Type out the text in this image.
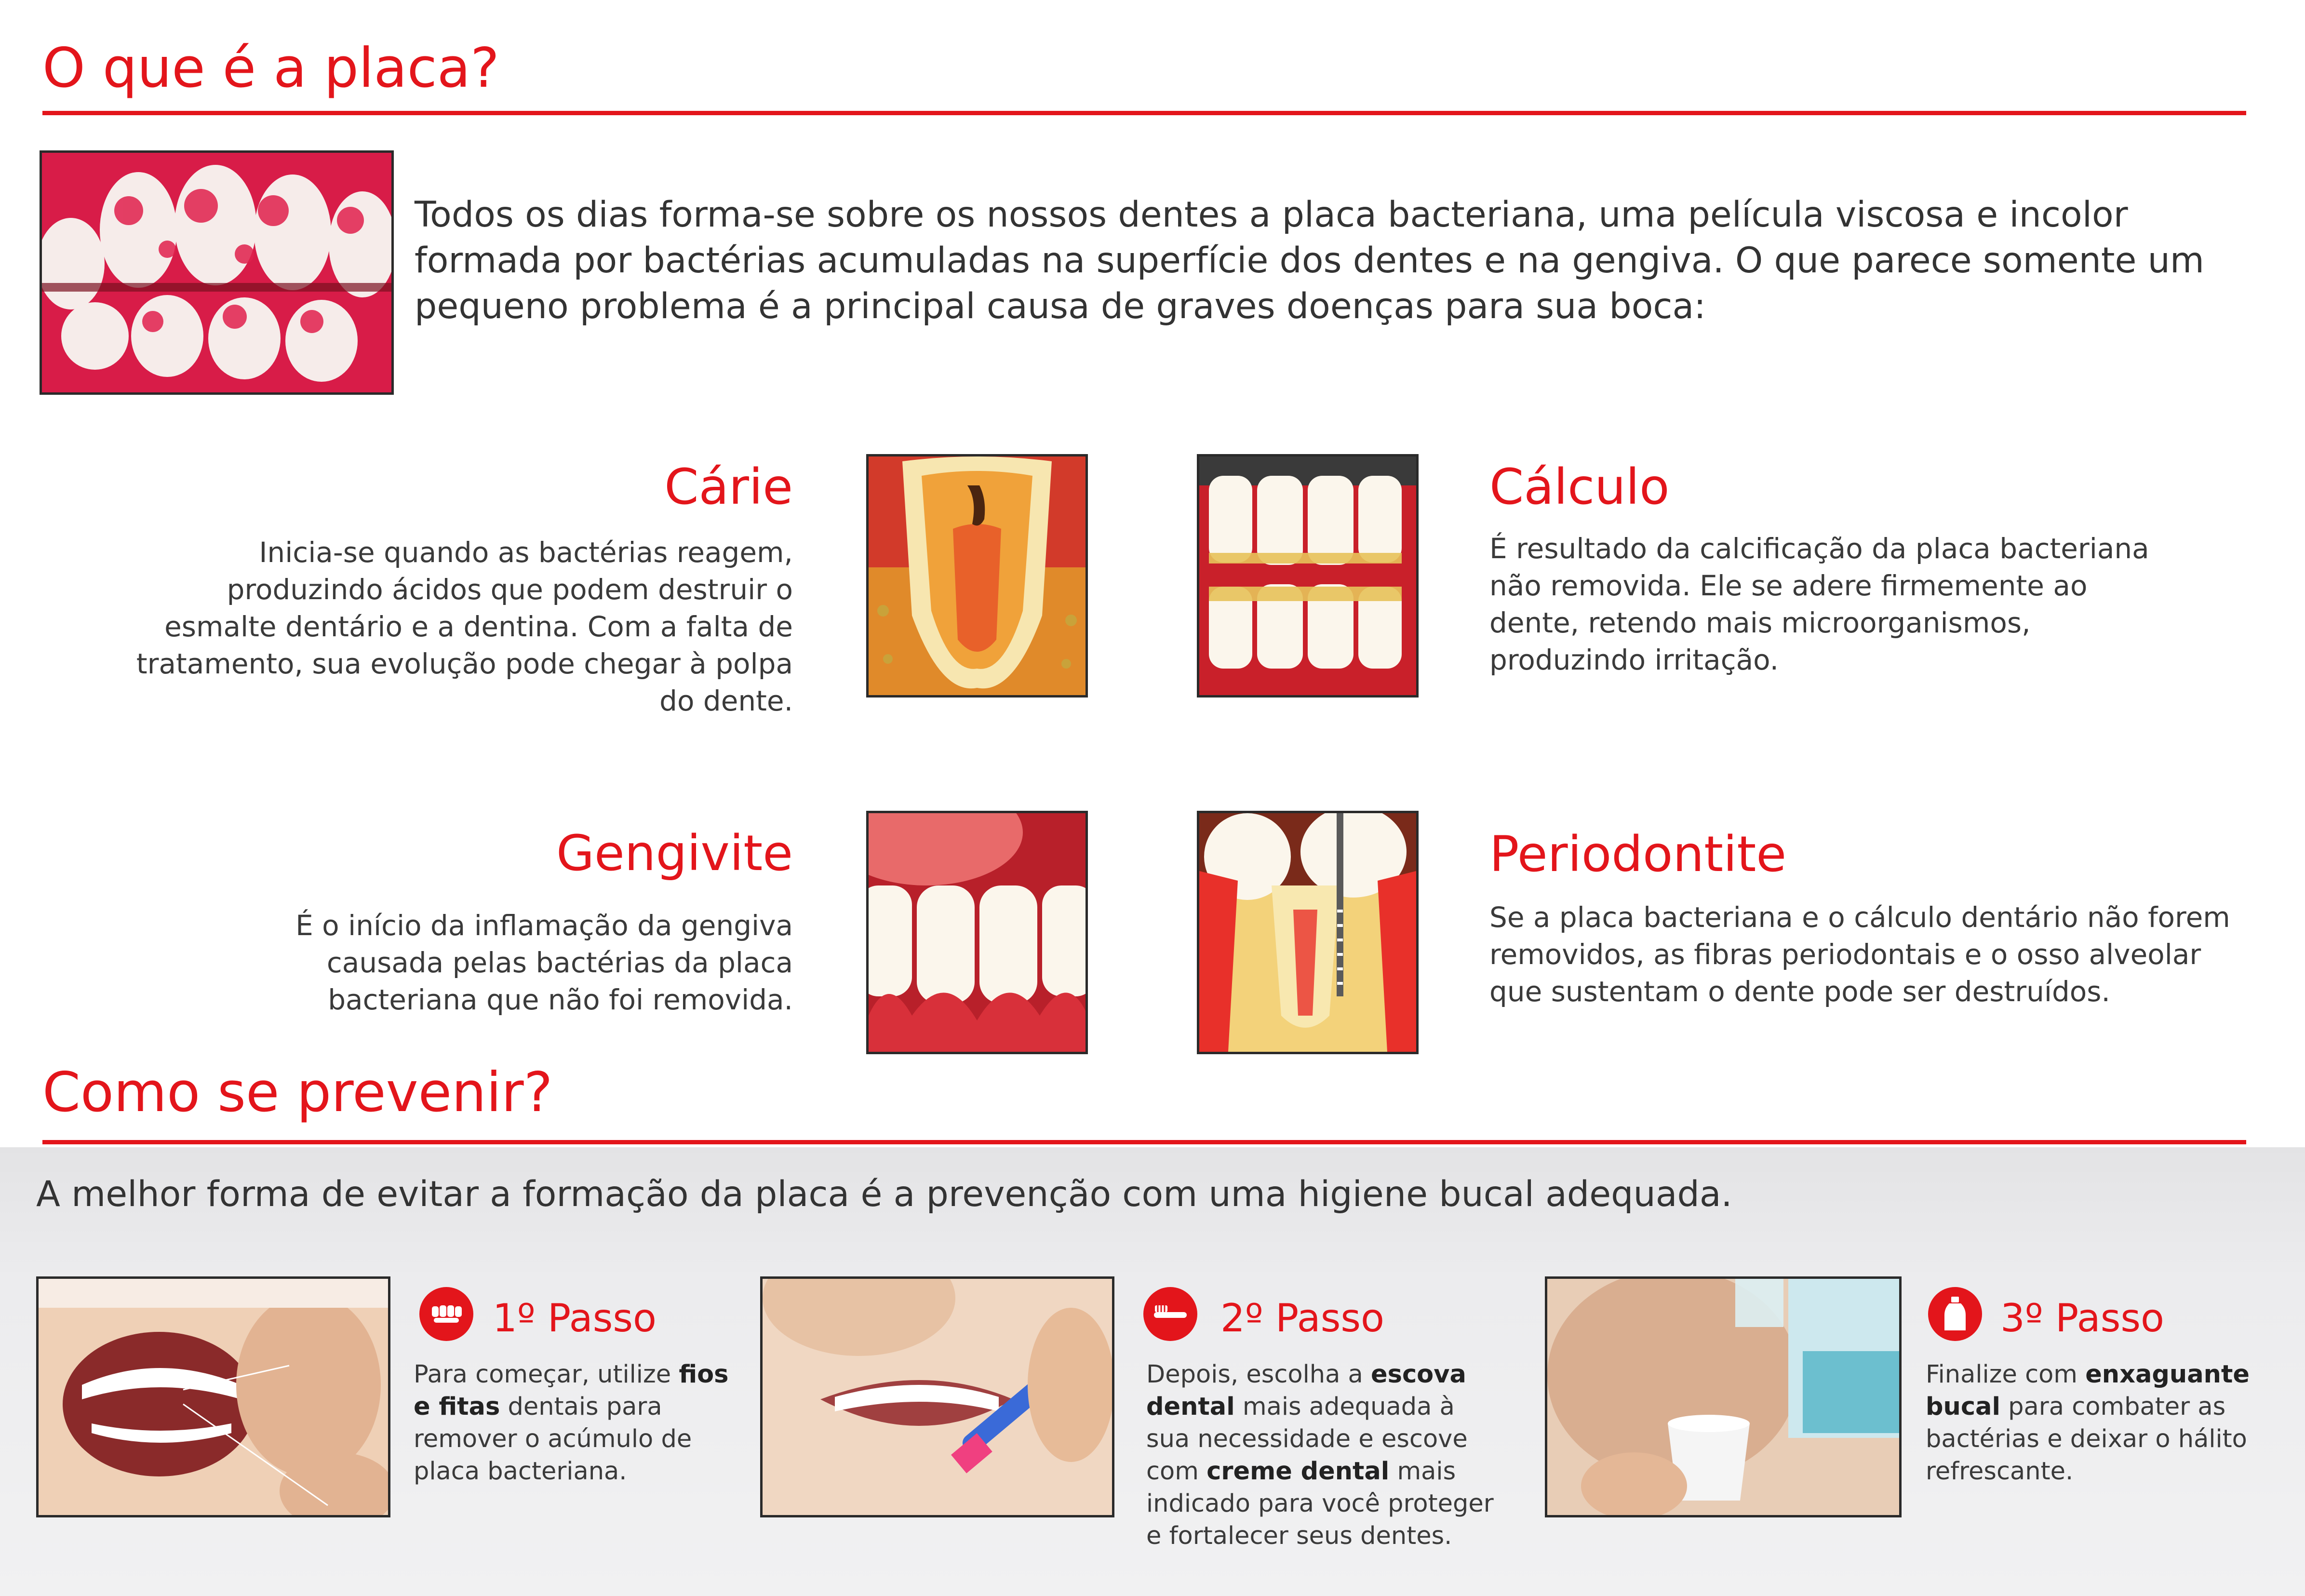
O que é a placa?

Todos os dias forma-se sobre os nossos dentes a placa bacteriana, uma película viscosa e incolor formada por bactérias acumuladas na superfície dos dentes e na gengiva. O que parece somente um pequeno problema é a principal causa de graves doenças para sua boca:

Cárie

Inicia-se quando as bactérias reagem, produzindo ácidos que podem destruir o esmalte dentário e a dentina. Com a falta de tratamento, sua evolução pode chegar à polpa do dente.

Cálculo

É resultado da calcificação da placa bacteriana não removida. Ele se adere firmemente ao dente, retendo mais microorganismos, produzindo irritação.

Gengivite

É o início da inflamação da gengiva causada pelas bactérias da placa bacteriana que não foi removida.

Periodontite

Se a placa bacteriana e o cálculo dentário não forem removidos, as fibras periodontais e o osso alveolar que sustentam o dente pode ser destruídos.

Como se prevenir?

A melhor forma de evitar a formação da placa é a prevenção com uma higiene bucal adequada.

1º Passo

Para começar, utilize fios e fitas dentais para remover o acúmulo de placa bacteriana.

2º Passo

Depois, escolha a escova dental mais adequada à sua necessidade e escove com creme dental mais indicado para você proteger e fortalecer seus dentes.

3º Passo

Finalize com enxaguante bucal para combater as bactérias e deixar o hálito refrescante.
